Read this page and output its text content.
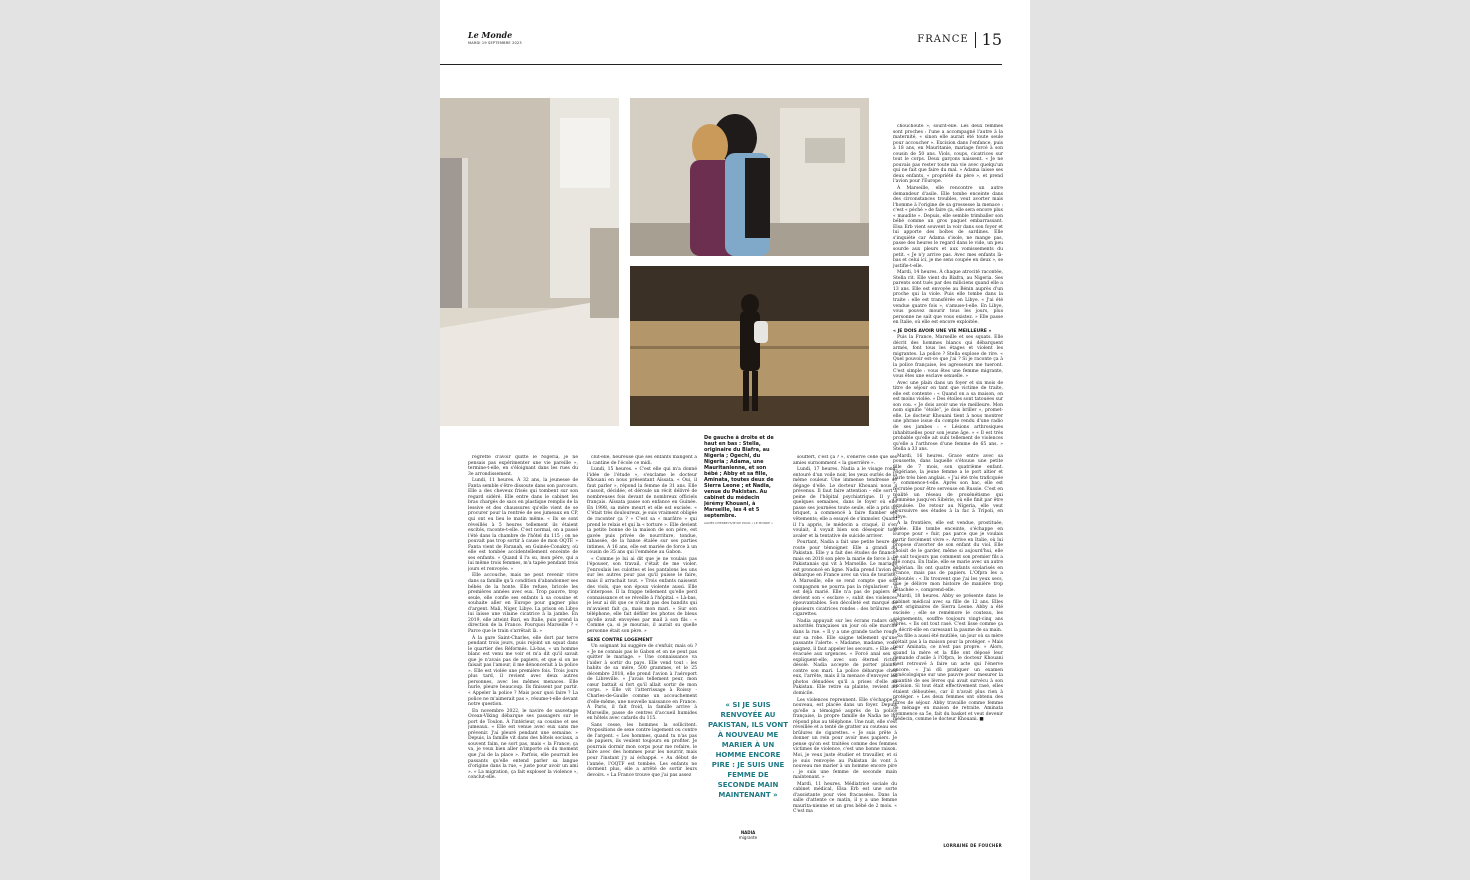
Le Monde
MARDI 19 SEPTEMBRE 2023	FRANCE 15

regrette d'avoir quitté le Nigeria, je ne pensais pas expérimenter une vie pareille », termine-t-elle, en s'éloignant dans les rues du 3e arrondissement.

Lundi, 11 heures. À 32 ans, la jeunesse de Fanta semble s'être dissoute dans son parcours. Elle a des cheveux frisés qui tombent sur son regard sidéré. Elle entre dans le cabinet les bras chargés de sacs en plastique remplis de la lessive et des chaussures qu'elle vient de se procurer pour la rentrée de ses jumeaux en CP, qui ont eu lieu le matin même. « Ils se sont réveillés à 5 heures tellement ils étaient excités, raconte-t-elle. C'est normal, on a passé l'été dans la chambre de l'hôtel du 115 ; on ne pouvait pas trop sortir à cause de mon OQTF. » Fanta vient de Faranah, en Guinée-Conakry, où elle est tombée accidentellement enceinte de ses enfants. « Quand il l'a su, mon père, qui a lui même trois femmes, m'a tapée pendant trois jours et renvoyée. »

Elle accouche, mais ne peut revenir vivre dans sa famille qu'à condition d'abandonner ses bébés de la honte. Elle refuse, bricole les premières années avec eux. Trop pauvre, trop seule, elle confie ses enfants à sa cousine et souhaite aller en Europe pour gagner plus d'argent. Mali, Niger, Libye. La prison en Libye lui laisse une vilaine cicatrice à la jambe. En 2019, elle atteint Bari, en Italie, puis prend la direction de la France. Pourquoi Marseille ? « Parce que le train s'arrêtait là. »

À la gare Saint-Charles, elle dort par terre pendant trois jours, puis rejoint un squat dans le quartier des Réformés. Là-bas, « un homme blanc est venu me voir et m'a dit qu'il savait que je n'avais pas de papiers, et que si on ne faisait pas l'amour, il me dénoncerait à la police ». Elle est violée une première fois. Trois jours plus tard, il revient avec deux autres personnes, avec les mêmes menaces. Elle hurle, pleure beaucoup. Ils finissent par partir. « Appeler la police ? Mais pour quoi faire ? La police ne m'aimerait pas », résume-t-elle devant notre question.

En novembre 2022, le navire de sauvetage Ocean-Viking débarque ses passagers sur le port de Toulon. À l'intérieur, sa cousine et ses jumeaux. « Elle est venue avec eux sans me prévenir. J'ai pleuré pendant une semaine. » Depuis, la famille vit dans des hôtels sociaux, a souvent faim, ne sort pas, mais « la France, ça va, je veux bien aller n'importe où du moment que j'ai de la place ». Parfois, elle pourrait les passants qu'elle entend parler sa langue d'origine dans la rue, « juste pour avoir un ami ». « La migration, ça fait exploser la violence », conclut-elle.

clut-elle, heureuse que ses enfants mangent à la cantine de l'école ce midi.

Lundi, 15 heures. « C'est elle qui m'a donné l'idée de l'étude », s'exclame le docteur Khouani en nous présentant Aïssata. « Oui, il faut parler », répond la femme de 31 ans. Elle s'assoit, décidée, et déroule un récit délivré de nombreuses fois devant de nombreux officiels français. Aïssata passe son enfance en Guinée. En 1998, sa mère meurt et elle est excisée. « C'était très douloureux, je suis vraiment obligée de raconter ça ? » C'est sa « marâtre » qui prend le relais et qui la « torture ». Elle devient la petite bonne de la maison de son père, est gavée puis privée de nourriture, tondue, tabassée, de la hanse étalée sur ses parties intimes. À 16 ans, elle est mariée de force à un cousin de 35 ans qui l'emmène au Gabon.

« Comme je lui ai dit que je ne voulais pas l'épouser, son travail, c'était de me violer. J'enroulais les culottes et les pantalons les uns sur les autres pour pas qu'il puisse le faire, mais il arrachait tout. » Trois enfants naissent des viols, que son époux violente aussi. Elle s'interpose. Il la frappe tellement qu'elle perd connaissance et se réveille à l'hôpital. « Là-bas, je leur ai dit que ce n'était pas des bandits qui m'avaient fait ça, mais mon mari. » Sur son téléphone, elle fait défiler les photos de bleus qu'elle avait envoyées par mail à son fils : « Comme ça, si je mourais, il aurait su quelle personne était son père. »

SEXE CONTRE LOGEMENT

Un soignant lui suggère de s'enfuir, mais où ? « Je ne connais pas le Gabon et on ne peut pas quitter le mariage. » Une connaissance va l'aider à sortir du pays. Elle vend tout : les habits de sa mère, 500 grammes, et le 25 décembre 2018, elle prend l'avion à l'aéroport de Libreville. « J'avais tellement peur, mon cœur battait si fort qu'il allait sortir de mon corps. » Elle vit l'atterrissage à Roissy - Charles-de-Gaulle comme un accouchement d'elle-même, une nouvelle naissance en France. À Paris, il fait froid, la famille arrive à Marseille, passe de centres d'accueil humides en hôtels avec cafards du 115.

Sans cesse, les hommes la sollicitent. Propositions de sexe contre logement ou contre de l'argent. « Les hommes, quand tu n'as pas de papiers, ils veulent toujours en profiter. Je pourrais dormir mon corps pour me refaire, le faire avec des hommes pour les nourrir, mais pour l'instant j'y ai échappé. » Au début de l'année, l'OQTF est tombée. Les enfants ne dorment plus, elle a arrêté de sortir leurs devoirs. « La France trouve que j'ai pas assez

De gauche à droite et de haut en bas : Stella, originaire du Biafra, au Nigeria ; Ogechi, du Nigeria ; Adama, une Mauritanienne, et son bébé ; Abby et sa fille, Aminata, toutes deux de Sierra Leone ; et Nadia, venue du Pakistan. Au cabinet du médecin Jérémy Khouani, à Marseille, les 4 et 5 septembre.
AGNÈS DHERBEYS/MYOP POUR « LE MONDE »
« SI JE SUIS RENVOYÉE AU PAKISTAN, ILS VONT À NOUVEAU ME MARIER À UN HOMME ENCORE PIRE : JE SUIS UNE FEMME DE SECONDE MAIN MAINTENANT »
NADIA
migrante

souffert, c'est ça ? », s'énerve celle que ses amies surnomment « la guerrière ».

Lundi, 17 heures. Nadia a le visage rond, entouré d'un voile noir, les yeux ourlés de la même couleur. Une immense tendresse se dégage d'elle. Le docteur Khouani nous a prévenus. Il faut faire attention – elle sort à peine de l'hôpital psychiatrique. Il y a quelques semaines, dans le foyer où elle passe ses journées toute seule, elle a pris un briquet, a commencé à faire flamber ses vêtements; elle a essayé de s'immoler. Quand il l'a appris, le médecin a craqué, il s'en voulait, il voyait bien son désespoir tout avaler et la tentative de suicide arriver.

Pourtant, Nadia a fait une petite heure de route pour témoigner. Elle a grandi au Pakistan. Elle y a fait des études de finance, mais en 2018 son père la marie de force à un Pakistanais qui vit à Marseille. Le mariage est prononcé en ligne. Nadia prend l'avion et débarque en France avec un visa de touriste. À Marseille, elle se rend compte que son compagnon ne pourra pas la régulariser : il est déjà marié. Elle n'a pas de papiers et devient son « esclave », subit des violences épouvantables. Son décolleté est marqué de plusieurs cicatrices rondes : des brûlures de cigarettes.

Nadia appuyait sur les écrans radars des autorités françaises un jour où elle marche dans la rue. « Il y a une grande tache rouge sur sa robe. Elle saigne tellement qu'une passante l'alerte. « Madame, madame, vous saignez, il faut appeler les secours. » Elle est évacuée aux urgences. « Forcé anal sex », expliquent-elle, avec son éternel rictus désolé. Nadia accepte de porter plainte contre son mari. La police débarque chez eux, l'arrête, mais il la menace d'envoyer les photos dénudées qu'il a prises d'elle au Pakistan. Elle retire sa plainte, revient au domicile.

Les violences reprennent. Elle s'échappe à nouveau, est placée dans un foyer. Depuis qu'elle a témoigné auprès de la police française, la propre famille de Nadia ne lui répond plus au téléphone. Une nuit, elle s'est réveillée et a tenté de gratter au couteau ses brûlures de cigarettes. « Je suis prête à donner un rein pour avoir mes papiers. Je pense qu'on est traitées comme des femmes victimes de violence, c'est une bonne raison. Moi, je veux juste étudier et travailler, et si je suis renvoyée au Pakistan ils vont à nouveau me marier à un homme encore pire : je suis une femme de seconde main maintenant. »

Mardi, 11 heures. Médiatrice sociale du cabinet médical, Elsa Erb est une sorte d'assistante pour vies fracassées. Dans la salle d'attente ce matin, il y a une femme maurita-nienne et un gros bébé de 2 mois. « C'est ma

chouchoute », sourit-elle. Les deux femmes sont proches : l'une a accompagné l'autre à la maternité, « sinon elle aurait été toute seule pour accoucher ». Excision dans l'enfance, puis à 18 ans, en Mauritanie, mariage forcé à son cousin de 50 ans. Viols, coups, cicatrices sur tout le corps. Deux garçons naissent. « Je ne pouvais pas rester toute ma vie avec quelqu'un qui ne fait que faire du mal. » Adama laisse ses deux enfants, « propriété du père », et prend l'avion pour l'Europe.

À Marseille, elle rencontre un autre demandeur d'asile. Elle tombe enceinte dans des circonstances troubles, veut avorter mais l'homme à l'origine de sa grossesse la menace : c'est « péché » de faire ça, elle sera encore plus « maudite ». Depuis, elle semble trimballer son bébé comme un gros paquet embarrassant. Elsa Erb vient souvent la voir dans son foyer et lui apporte des boîtes de sardines. Elle s'inquiète car Adama s'isole, ne mange pas, passe des heures le regard dans le vide, un peu sourde aux pleurs et aux vomissements du petit. « Je n'y arrive pas. Avec mes enfants là-bas et celui ici, je me sens coupée en deux », se justifie-t-elle.

Mardi, 14 heures. À chaque atrocité racontée, Stella rit. Elle vient du Biafra, au Nigeria. Ses parents sont tués par des miliciens quand elle a 13 ans. Elle est envoyée au Bénin auprès d'un proche qui la viole. Puis elle tombe dans la traite : elle est transférée en Libye. « J'ai été vendue quatre fois », s'amuse-t-elle. En Libye, vous pouvez mourir tous les jours, plus personne ne sait que vous existez. » Elle passe en Italie, où elle est encore exploitée.

« JE DOIS AVOIR UNE VIE MEILLEURE »

Puis la France, Marseille et ses squats. Elle décrit des hommes blancs qui débarquent armés, font tous les étages et violent les migrantes. La police ? Stella explose de rire. « Quel pouvoir est-ce que j'ai ? Si je raconte ça à la police française, les agresseurs me tueront. C'est simple : vous êtes une femme migrante, vous êtes une esclave sexuelle. »

Avec une plain dans un foyer et six mois de titre de séjour en tant que victime de traite, elle est contente : « Quand on a sa maison, on est moins violée. » Des étoiles sont tatouées sur son cou. « Je dois avoir une vie meilleure. Mon nom signifie “étoile”, je dois briller », promet-elle. Le docteur Khouani tient à nous montrer une phrase issue du compte rendu d'une radio de ses jambes : « Lésions arthrosiques inhabituelles pour son jeune âge. » « Il est très probable qu'elle ait subi tellement de violences qu'elle a l'arthrose d'une femme de 65 ans. » Stella a 33 ans.

Mardi, 16 heures. Grace entre avec sa poussette, dans laquelle s'étouue une petite fille de 7 mois, son quatrième enfant. Nigériane, la jeune femme a le port altier et parle très bien anglais. « J'ai été très traficquée », commence-t-elle. Après son bac, elle est recrutée pour être serveuse en Russie. C'est en réalité un réseau de proxénétisme qui l'emmène jusqu'en Sibérie, où elle finit par être expulsée. De retour au Nigeria, elle veut poursuivre ses études à la fac à Tripoli, en Libye.

À la frontière, elle est vendue, prostituée, violée. Elle tombe enceinte, s'échappe en Europe pour « fuir, pas parce que je voulais partir forcément vivre ». Arrive en Italie, où lui propose d'avorter de son enfant du viol. Elle choisit de le garder, même si aujourd'hui, elle ne sait toujours pas comment son premier fils a été conçu. En Italie, elle se marie avec un autre Nigérian. Ils ont quatre enfants scolarisés en France, mais pas de papiers. L'Ofpra les a déboutés : « Ils trouvent que j'ai les yeux secs, que je délivre mon histoire de manière trop détachée », comprend-elle.

Mardi, 18 heures. Abby se présente dans le cabinet médical avec sa fille de 12 ans. Elles sont originaires de Sierra Leone. Abby a été excisée ; elle se remémore le couteau, les saignements, souffre toujours vingt-cinq ans après. « Ils ont tout rasé. C'est lisse comme ça », décrit-elle en caressant la paume de sa main.

Sa fille a aussi été mutilée, un jour où sa mère n'était pas à la maison pour la protéger. « Mais pour Aminata, ce n'est pas propre. » Alors, quand la mère et la fille ont déposé leur demande d'asile à l'Ofpra, le docteur Khouani s'est retrouvé à faire un acte qui l'énerve encore. « J'ai dû pratiquer un examen gynécologique sur une pauvre pour mesurer la quantité de ses lèvres qui avait survécu à son excision. Si tout était effectivement rasé, elles étaient déboutées, car il n'avait plus rien à protéger. » Les deux femmes ont obtenu des titres de séjour. Abby travaille comme femme de ménage en maison de retraite. Aminata commence sa 5e, fait du basket et veut devenir médecin, comme le docteur Khouani. ■

LORRAINE DE FOUCHER
